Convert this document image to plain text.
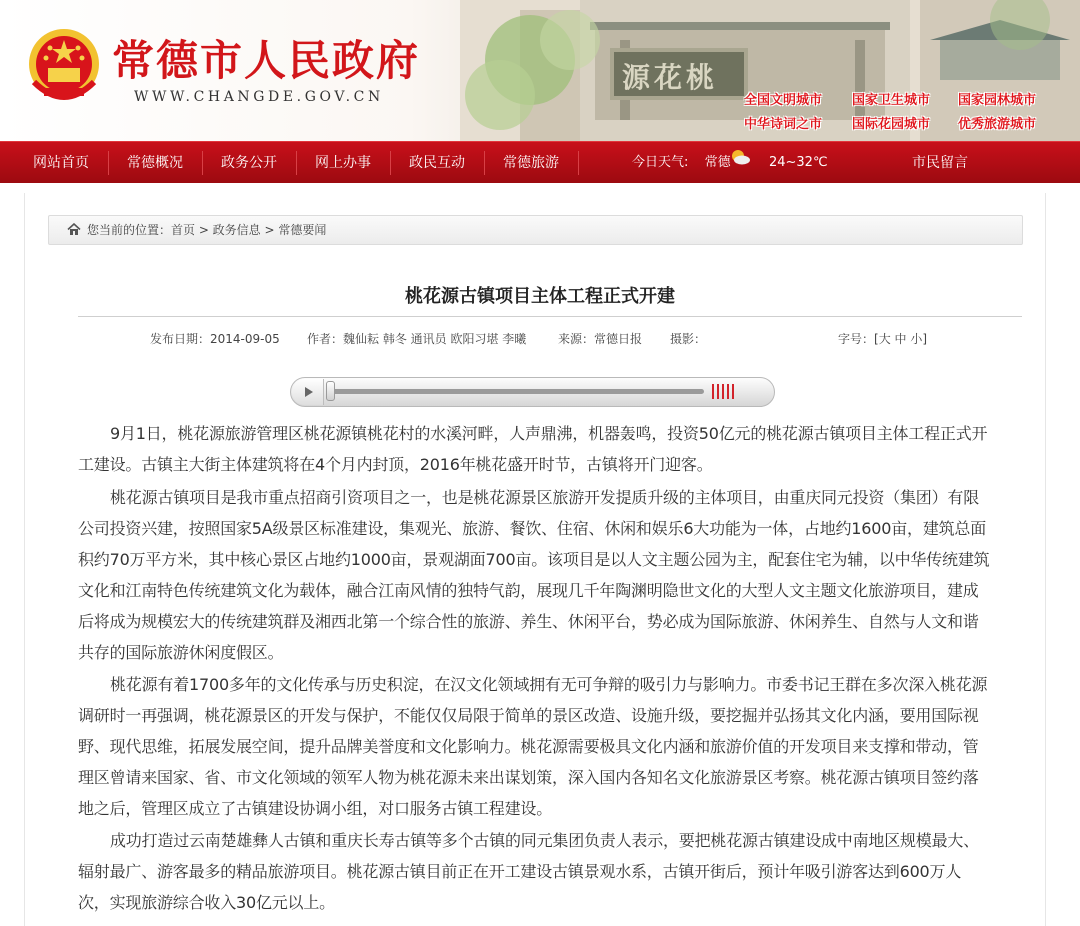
源花桃
常德市人民政府
WWW.CHANGDE.GOV.CN	全国文明城市 国家卫生城市 国家园林城市
中华诗词之市 国际花园城市 优秀旅游城市
网站首页	常德概况	政务公开	网上办事	政民互动	常德旅游	今日天气: 常德	24~32℃	市民留言
您当前的位置：首页 > 政务信息 > 常德要闻
桃花源古镇项目主体工程正式开建
发布日期：2014-09-05 作者：魏仙耘 韩冬 通讯员 欧阳习堪 李曦	来源：常德日报 摄影：	字号：[大 中 小]

9月1日，桃花源旅游管理区桃花源镇桃花村的水溪河畔，人声鼎沸，机器轰鸣，投资50亿元的桃花源古镇项目主体工程正式开工建设。古镇主大街主体建筑将在4个月内封顶，2016年桃花盛开时节，古镇将开门迎客。

桃花源古镇项目是我市重点招商引资项目之一，也是桃花源景区旅游开发提质升级的主体项目，由重庆同元投资（集团）有限公司投资兴建，按照国家5A级景区标准建设，集观光、旅游、餐饮、住宿、休闲和娱乐6大功能为一体，占地约1600亩，建筑总面积约70万平方米，其中核心景区占地约1000亩，景观湖面700亩。该项目是以人文主题公园为主，配套住宅为辅，以中华传统建筑文化和江南特色传统建筑文化为载体，融合江南风情的独特气韵，展现几千年陶渊明隐世文化的大型人文主题文化旅游项目，建成后将成为规模宏大的传统建筑群及湘西北第一个综合性的旅游、养生、休闲平台，势必成为国际旅游、休闲养生、自然与人文和谐共存的国际旅游休闲度假区。

桃花源有着1700多年的文化传承与历史积淀，在汉文化领域拥有无可争辩的吸引力与影响力。市委书记王群在多次深入桃花源调研时一再强调，桃花源景区的开发与保护，不能仅仅局限于简单的景区改造、设施升级，要挖掘并弘扬其文化内涵，要用国际视野、现代思维，拓展发展空间，提升品牌美誉度和文化影响力。桃花源需要极具文化内涵和旅游价值的开发项目来支撑和带动，管理区曾请来国家、省、市文化领域的领军人物为桃花源未来出谋划策，深入国内各知名文化旅游景区考察。桃花源古镇项目签约落地之后，管理区成立了古镇建设协调小组，对口服务古镇工程建设。

成功打造过云南楚雄彝人古镇和重庆长寿古镇等多个古镇的同元集团负责人表示，要把桃花源古镇建设成中南地区规模最大、辐射最广、游客最多的精品旅游项目。桃花源古镇目前正在开工建设古镇景观水系，古镇开街后，预计年吸引游客达到600万人次，实现旅游综合收入30亿元以上。
